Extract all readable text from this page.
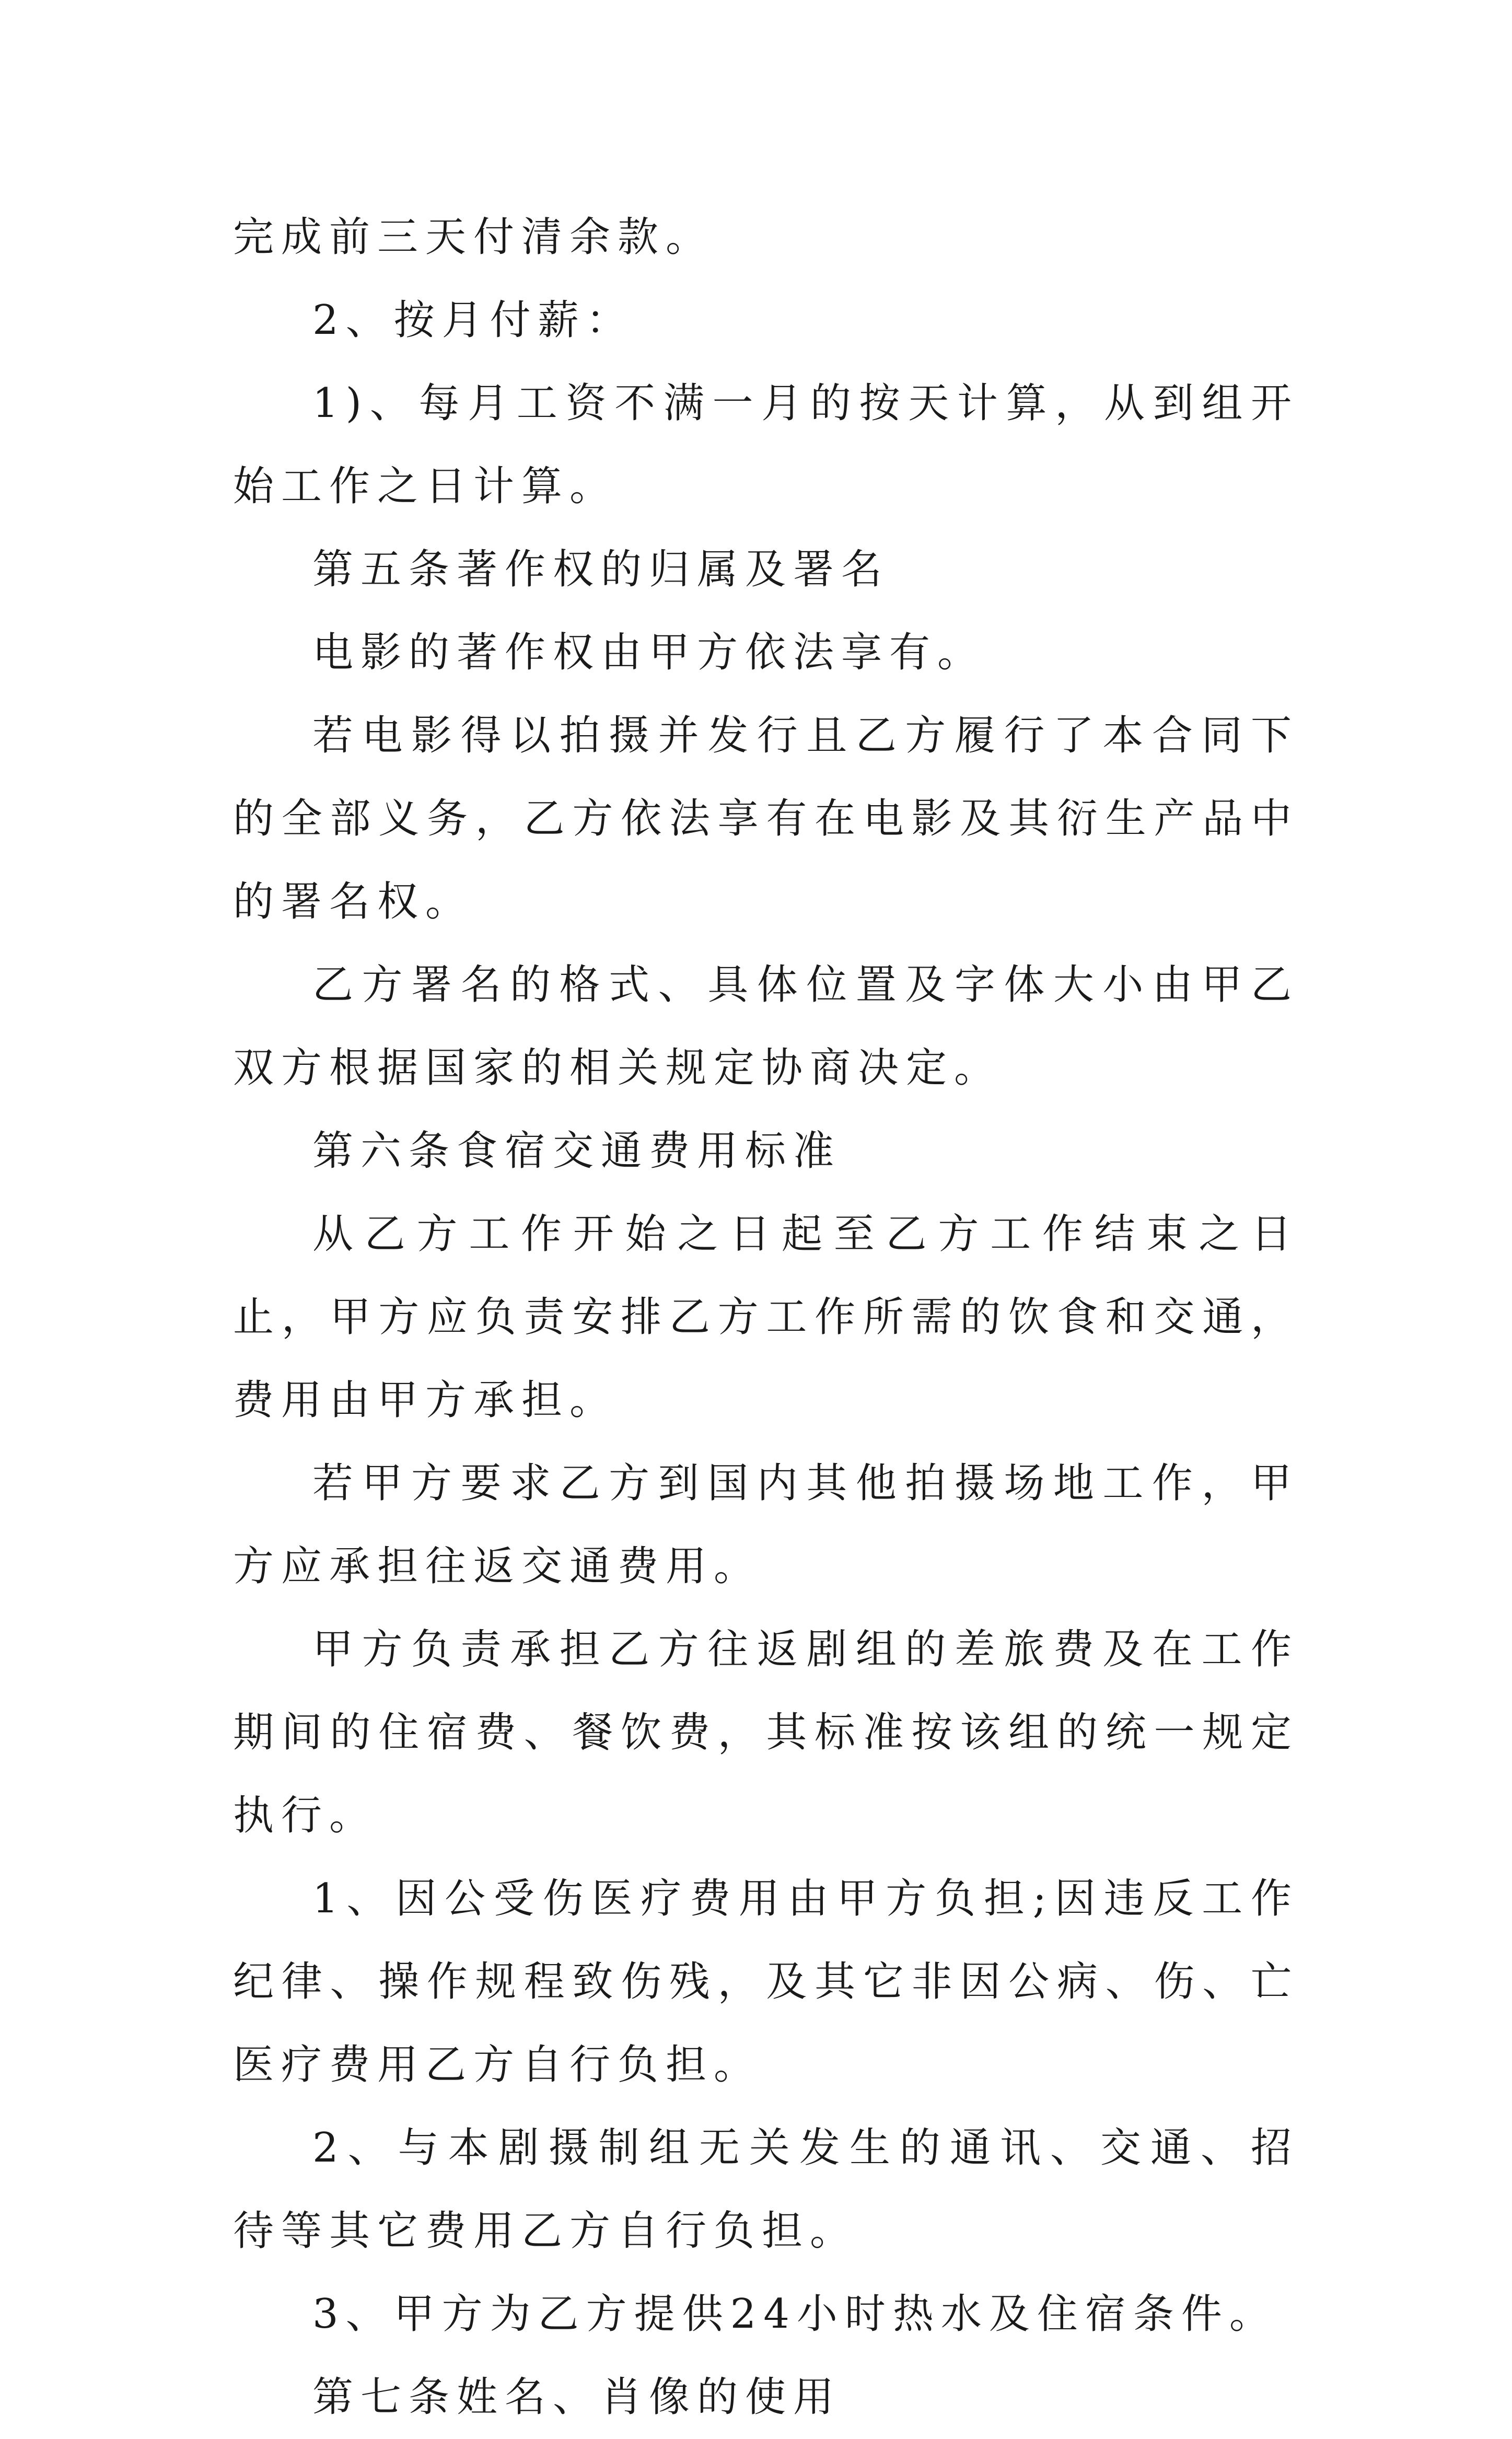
完成前三天付清余款。

2、按月付薪：

1)、每月工资不满一月的按天计算，从到组开始工作之日计算。

第五条著作权的归属及署名

电影的著作权由甲方依法享有。

若电影得以拍摄并发行且乙方履行了本合同下的全部义务，乙方依法享有在电影及其衍生产品中的署名权。

乙方署名的格式、具体位置及字体大小由甲乙双方根据国家的相关规定协商决定。

第六条食宿交通费用标准

从乙方工作开始之日起至乙方工作结束之日止，甲方应负责安排乙方工作所需的饮食和交通，费用由甲方承担。

若甲方要求乙方到国内其他拍摄场地工作，甲方应承担往返交通费用。

甲方负责承担乙方往返剧组的差旅费及在工作期间的住宿费、餐饮费，其标准按该组的统一规定执行。

1、因公受伤医疗费用由甲方负担;因违反工作纪律、操作规程致伤残，及其它非因公病、伤、亡医疗费用乙方自行负担。

2、与本剧摄制组无关发生的通讯、交通、招待等其它费用乙方自行负担。

3、甲方为乙方提供24小时热水及住宿条件。

第七条姓名、肖像的使用
